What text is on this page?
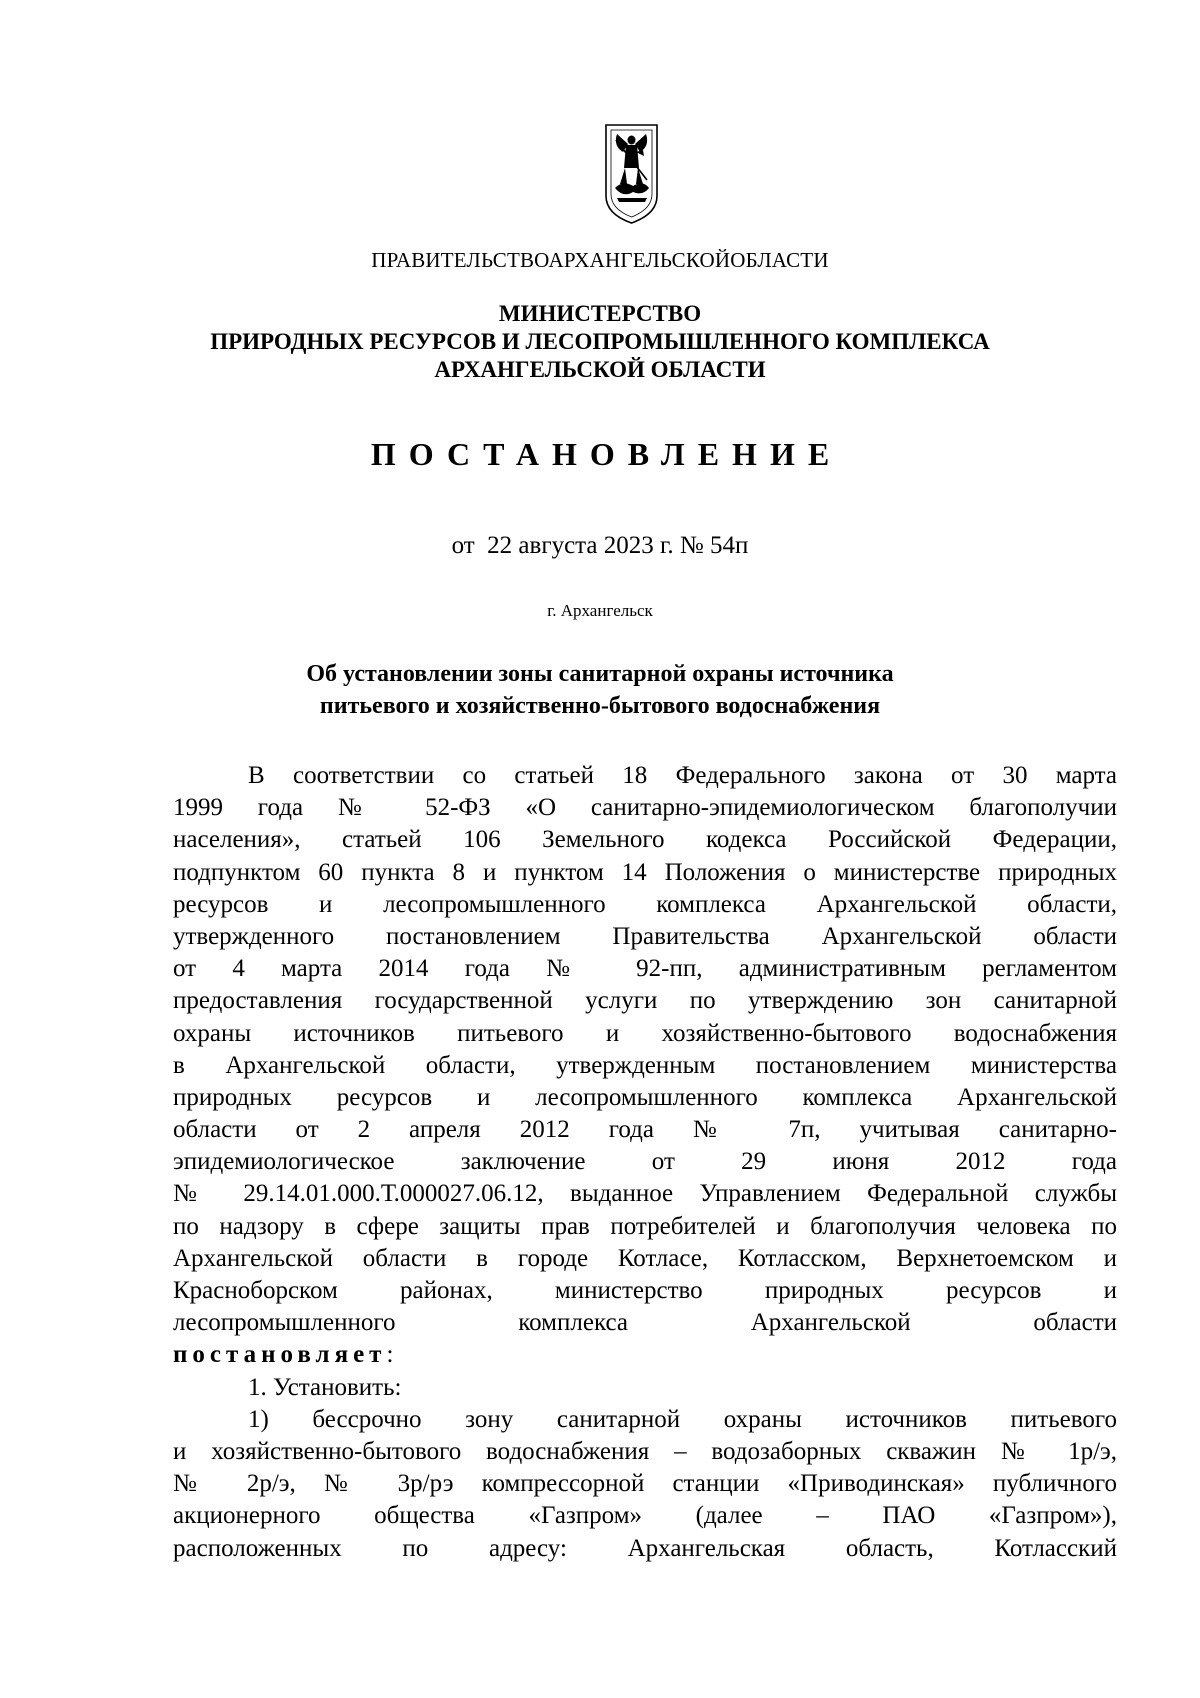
ПРАВИТЕЛЬСТВОАРХАНГЕЛЬСКОЙОБЛАСТИ
МИНИСТЕРСТВО
ПРИРОДНЫХ РЕСУРСОВ И ЛЕСОПРОМЫШЛЕННОГО КОМПЛЕКСА
АРХАНГЕЛЬСКОЙ ОБЛАСТИ
ПОСТАНОВЛЕНИЕ
от  22 августа 2023 г. № 54п
г. Архангельск
Об установлении зоны санитарной охраны источника
питьевого и хозяйственно-бытового водоснабжения
В соответствии со статьей 18 Федерального закона от 30 марта
1999 года № 52-ФЗ «О санитарно-эпидемиологическом благополучии
населения», статьей 106 Земельного кодекса Российской Федерации,
подпунктом 60 пункта 8 и пунктом 14 Положения о министерстве природных
ресурсов и лесопромышленного комплекса Архангельской области,
утвержденного постановлением Правительства Архангельской области
от 4 марта 2014 года № 92-пп, административным регламентом
предоставления государственной услуги по утверждению зон санитарной
охраны источников питьевого и хозяйственно-бытового водоснабжения
в Архангельской области, утвержденным постановлением министерства
природных ресурсов и лесопромышленного комплекса Архангельской
области от 2 апреля 2012 года № 7п, учитывая санитарно-
эпидемиологическое заключение от 29 июня 2012 года
№ 29.14.01.000.Т.000027.06.12, выданное Управлением Федеральной службы
по надзору в сфере защиты прав потребителей и благополучия человека по
Архангельской области в городе Котласе, Котласском, Верхнетоемском и
Красноборском районах, министерство природных ресурсов и
лесопромышленного комплекса Архангельской области
постановляет:
1. Установить:
1) бессрочно зону санитарной охраны источников питьевого
и хозяйственно-бытового водоснабжения – водозаборных скважин № 1р/э,
№ 2р/э, № 3р/рэ компрессорной станции «Приводинская» публичного
акционерного общества «Газпром» (далее – ПАО «Газпром»),
расположенных по адресу: Архангельская область, Котласский
